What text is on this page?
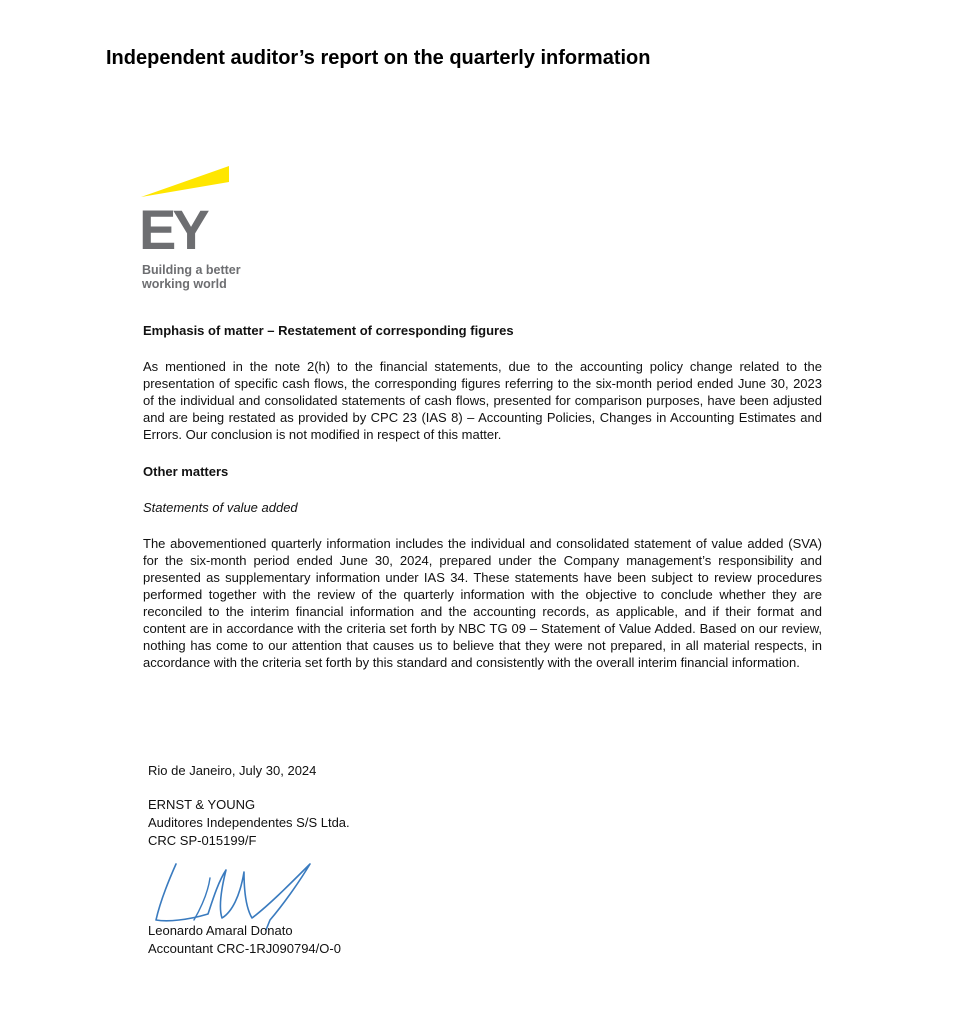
Independent auditor’s report on the quarterly information
EY
Building a better
working world

Emphasis of matter – Restatement of corresponding figures

As mentioned in the note 2(h) to the financial statements, due to the accounting policy change related to the presentation of specific cash flows, the corresponding figures referring to the six-month period ended June 30, 2023 of the individual and consolidated statements of cash flows, presented for comparison purposes, have been adjusted and are being restated as provided by CPC 23 (IAS 8) – Accounting Policies, Changes in Accounting Estimates and Errors. Our conclusion is not modified in respect of this matter.

Other matters

Statements of value added

The abovementioned quarterly information includes the individual and consolidated statement of value added (SVA) for the six-month period ended June 30, 2024, prepared under the Company management’s responsibility and presented as supplementary information under IAS 34. These statements have been subject to review procedures performed together with the review of the quarterly information with the objective to conclude whether they are reconciled to the interim financial information and the accounting records, as applicable, and if their format and content are in accordance with the criteria set forth by NBC TG 09 – Statement of Value Added. Based on our review, nothing has come to our attention that causes us to believe that they were not prepared, in all material respects, in accordance with the criteria set forth by this standard and consistently with the overall interim financial information.

Rio de Janeiro, July 30, 2024

ERNST & YOUNG

Auditores Independentes S/S Ltda.

CRC SP-015199/F

Leonardo Amaral Donato

Accountant CRC-1RJ090794/O-0
